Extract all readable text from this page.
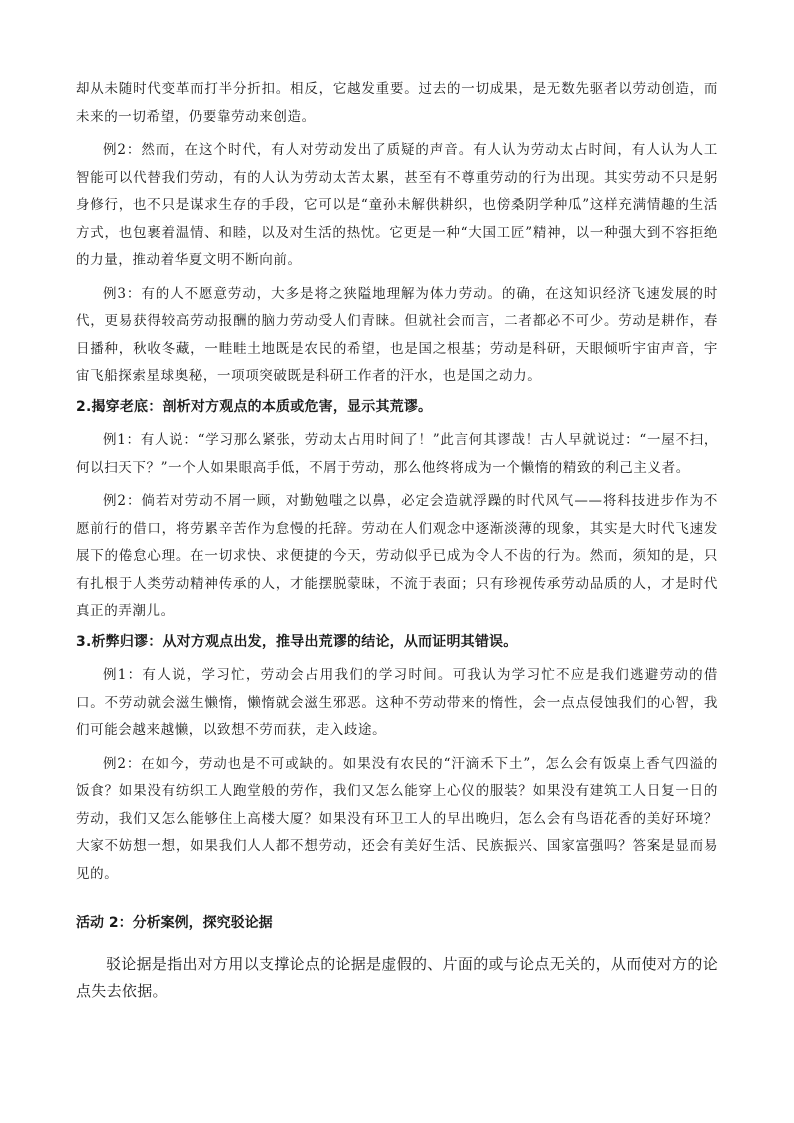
却从未随时代变革而打半分折扣。相反，它越发重要。过去的一切成果，是无数先驱者以劳动创造，而未来的一切希望，仍要靠劳动来创造。

例2：然而，在这个时代，有人对劳动发出了质疑的声音。有人认为劳动太占时间，有人认为人工智能可以代替我们劳动，有的人认为劳动太苦太累，甚至有不尊重劳动的行为出现。其实劳动不只是躬身修行，也不只是谋求生存的手段，它可以是“童孙未解供耕织，也傍桑阴学种瓜”这样充满情趣的生活方式，也包裹着温情、和睦，以及对生活的热忱。它更是一种“大国工匠”精神，以一种强大到不容拒绝的力量，推动着华夏文明不断向前。

例3：有的人不愿意劳动，大多是将之狭隘地理解为体力劳动。的确，在这知识经济飞速发展的时代，更易获得较高劳动报酬的脑力劳动受人们青睐。但就社会而言，二者都必不可少。劳动是耕作，春日播种，秋收冬藏，一畦畦土地既是农民的希望，也是国之根基；劳动是科研，天眼倾听宇宙声音，宇宙飞船探索星球奥秘，一项项突破既是科研工作者的汗水，也是国之动力。

2.揭穿老底：剖析对方观点的本质或危害，显示其荒谬。

例1：有人说：“学习那么紧张，劳动太占用时间了！”此言何其谬哉！古人早就说过：“一屋不扫，何以扫天下？”一个人如果眼高手低，不屑于劳动，那么他终将成为一个懒惰的精致的利己主义者。

例2：倘若对劳动不屑一顾，对勤勉嗤之以鼻，必定会造就浮躁的时代风气——将科技进步作为不愿前行的借口，将劳累辛苦作为怠慢的托辞。劳动在人们观念中逐渐淡薄的现象，其实是大时代飞速发展下的倦怠心理。在一切求快、求便捷的今天，劳动似乎已成为令人不齿的行为。然而，须知的是，只有扎根于人类劳动精神传承的人，才能摆脱蒙昧，不流于表面；只有珍视传承劳动品质的人，才是时代真正的弄潮儿。

3.析弊归谬：从对方观点出发，推导出荒谬的结论，从而证明其错误。

例1：有人说，学习忙，劳动会占用我们的学习时间。可我认为学习忙不应是我们逃避劳动的借口。不劳动就会滋生懒惰，懒惰就会滋生邪恶。这种不劳动带来的惰性，会一点点侵蚀我们的心智，我们可能会越来越懒，以致想不劳而获，走入歧途。

例2：在如今，劳动也是不可或缺的。如果没有农民的“汗滴禾下土”，怎么会有饭桌上香气四溢的饭食？如果没有纺织工人跑堂般的劳作，我们又怎么能穿上心仪的服装？如果没有建筑工人日复一日的劳动，我们又怎么能够住上高楼大厦？如果没有环卫工人的早出晚归，怎么会有鸟语花香的美好环境？大家不妨想一想，如果我们人人都不想劳动，还会有美好生活、民族振兴、国家富强吗？答案是显而易见的。

活动 2：分析案例，探究驳论据

驳论据是指出对方用以支撑论点的论据是虚假的、片面的或与论点无关的，从而使对方的论点失去依据。
